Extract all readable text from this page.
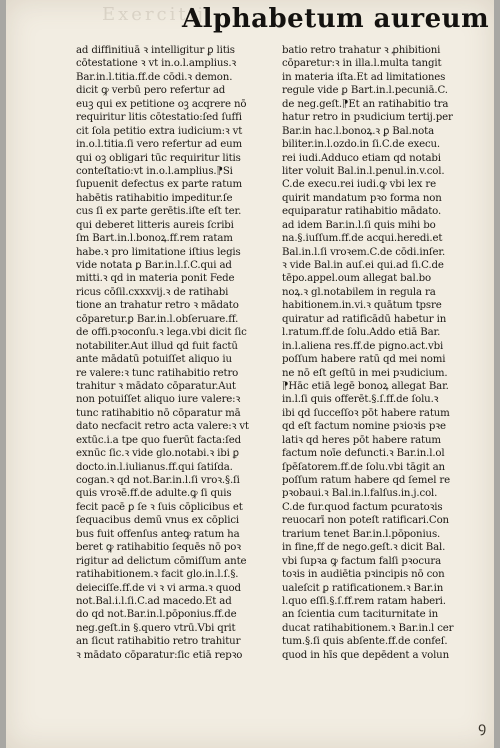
Exercitij
Alphabetum aureum
ad diffinitiuā ꝛ intelligitur ꝑ litis
cōtestatione ꝛ vt in.o.l.amplius.ꝛ
Bar.in.l.titia.ff.de cōdi.ꝛ demon.
dicit ꝙ verbū pero refertur ad
euꝫ qui ex petitione oꝫ acqrere nō
requiritur litis cōtestatio:ſed ſuffi
cit ſola petitio extra iudicium:ꝛ vt
in.o.l.titia.ſi vero refertur ad eum
qui oꝫ obligari tūc requiritur litis
conteſtatio:vt in.o.l.amplius.⁋Si
ſupuenit defectus ex parte ratum
habētis ratihabitio impeditur.ſe
cus ſi ex parte gerētis.iſte eſt ter.
qui deberet litteris aureis ſcribi
ſm Bart.in.l.bonoꝝ.ff.rem ratam
habe.ꝛ pro limitatione iſtius legis
vide notata ꝑ Bar.in.l.ſ.C.qui ad
mitti.ꝛ qd in materia ponit Fede
ricus cōſil.cxxxvij.ꝛ de ratihabi
tione an trahatur retro ꝛ mādato
cōparetur.ꝑ Bar.in.l.obſeruare.ff.
de offi.pꝛoconſu.ꝛ lega.vbi dicit ſic
notabiliter.Aut illud qd fuit factū
ante mādatū potuiſſet aliquo iu
re valere:ꝛ tunc ratihabitio retro
trahitur ꝛ mādato cōparatur.Aut
non potuiſſet aliquo iure valere:ꝛ
tunc ratihabitio nō cōparatur mā
dato necfacit retro acta valere:ꝛ vt
extūc.i.a tpe quo fuerūt facta:ſed
exnūc ſic.ꝛ vide glo.notabi.ꝛ ibi ꝑ
docto.in.l.iulianus.ff.qui ſatiſda.
cogan.ꝛ qd not.Bar.in.l.ſi vroꝛ.§.ſi
quis vroꝛē.ff.de adulte.ꝙ ſi quis
fecit pacē ꝑ ſe ꝛ ſuis cōplicibus et
ſequacibus demū vnus ex cōplici
bus fuit offenſus anteꝙ ratum ha
beret ꝙ ratihabitio ſequēs nō poꝛ
rigitur ad delictum cōmiſſum ante
ratihabitionem.ꝛ facit glo.in.l.ſ.§.
deieciſſe.ff.de vi ꝛ vi arma.ꝛ quod
not.Bal.i.l.ſi.C.ad macedo.Et ad
do qd not.Bar.in.l.pōponius.ff.de
neg.geſt.in §.quero vtrū.Vbi qrit
an ſicut ratihabitio retro trahitur
ꝛ mādato cōparatur:ſic etiā repꝛo
batio retro trahatur ꝛ ꝓhibitioni
cōparetur:ꝛ in illa.l.multa tangit
in materia iſta.Et ad limitationes
regule vide ꝑ Bart.in.l.pecuniā.C.
de neg.geſt.⁋Et an ratihabitio tra
hatur retro in pꝛudicium tertij.per
Bar.in hac.l.bonoꝝ.ꝛ ꝑ Bal.nota
biliter.in.l.ozdo.in ſi.C.de execu.
rei iudi.Adduco etiam qd notabi
liter voluit Bal.in.l.penul.in.v.col.
C.de execu.rei iudi.ꝙ vbi lex re
quirit mandatum pꝛo forma non
equiparatur ratihabitio mādato.
ad idem Bar.in.l.ſi quis mihi bo
na.§.iuſſum.ff.de acqui.heredi.et
Bal.in.l.ſi vroꝛem.C.de cōdi.inſer.
ꝛ vide Bal.in auſ.ei qui.ad ſi.C.de
tēpo.appel.oum allegat bal.bo
noꝝ.ꝛ gl.notabilem in regula ra
habitionem.in.vi.ꝛ quātum tpsre
quiratur ad ratificādū habetur in
l.ratum.ff.de ſolu.Addo etiā Bar.
in.l.aliena res.ff.de pigno.act.vbi
poſſum habere ratū qd mei nomi
ne nō eſt geſtū in mei pꝛudicium.
⁋Hāc etiā legē bonoꝝ allegat Bar.
in.l.ſi quis offerēt.§.ſ.ff.de ſolu.ꝛ
ibi qd ſucceſſoꝛ pōt habere ratum
qd eſt factum nomine pꝛioꝛis pꝛe
latiꝛ qd heres pōt habere ratum
factum noīe defuncti.ꝛ Bar.in.l.ol
ſpēſatorem.ff.de ſolu.vbi tāgit an
poſſum ratum habere qd ſemel re
pꝛobaui.ꝛ Bal.in.l.falſus.in.j.col.
C.de fur.quod factum pcuratoꝛis
reuocarī non poteſt ratificari.Con
trarium tenet Bar.in.l.pōponius.
in fine,ff de nego.geſt.ꝛ dicit Bal.
vbi ſupꝛa ꝙ factum falſi pꝛocura
toꝛis in audiētia pꝛincipis nō con
ualeſcit ꝑ ratificationem.ꝛ Bar.in
l.quo eſſi.§.ſ.ff.rem ratam haberi.
an ſcientia cum taciturnitate in
ducat ratihabitionem.ꝛ Bar.in.l cer
tum.§.ſi quis abſente.ff.de confeſ.
quod in hīs que depēdent a volun
ꝯ
